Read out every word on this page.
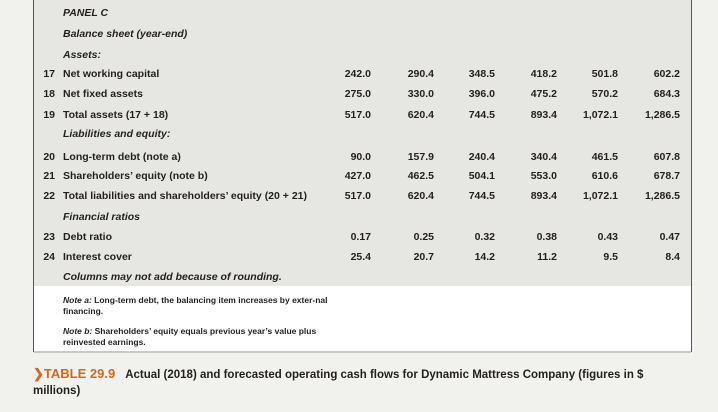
PANEL C
Balance sheet (year-end)
Assets:
17 Net working capital	242.0	290.4	348.5	418.2	501.8	602.2
18 Net fixed assets	275.0	330.0	396.0	475.2	570.2	684.3
19 Total assets (17 + 18)	517.0	620.4	744.5	893.4	1,072.1	1,286.5
Liabilities and equity:
20 Long-term debt (note a)	90.0	157.9	240.4	340.4	461.5	607.8
21 Shareholders’ equity (note b)	427.0	462.5	504.1	553.0	610.6	678.7
22 Total liabilities and shareholders’ equity (20 + 21)	517.0	620.4	744.5	893.4	1,072.1	1,286.5
Financial ratios
23 Debt ratio	0.17	0.25	0.32	0.38	0.43	0.47
24 Interest cover	25.4	20.7	14.2	11.2	9.5	8.4
Columns may not add because of rounding.
Note a: Long-term debt, the balancing item increases by exter-nal financing.
Note b: Shareholders’ equity equals previous year’s value plus reinvested earnings.
❯TABLE 29.9 Actual (2018) and forecasted operating cash flows for Dynamic Mattress Company (figures in $ millions)
